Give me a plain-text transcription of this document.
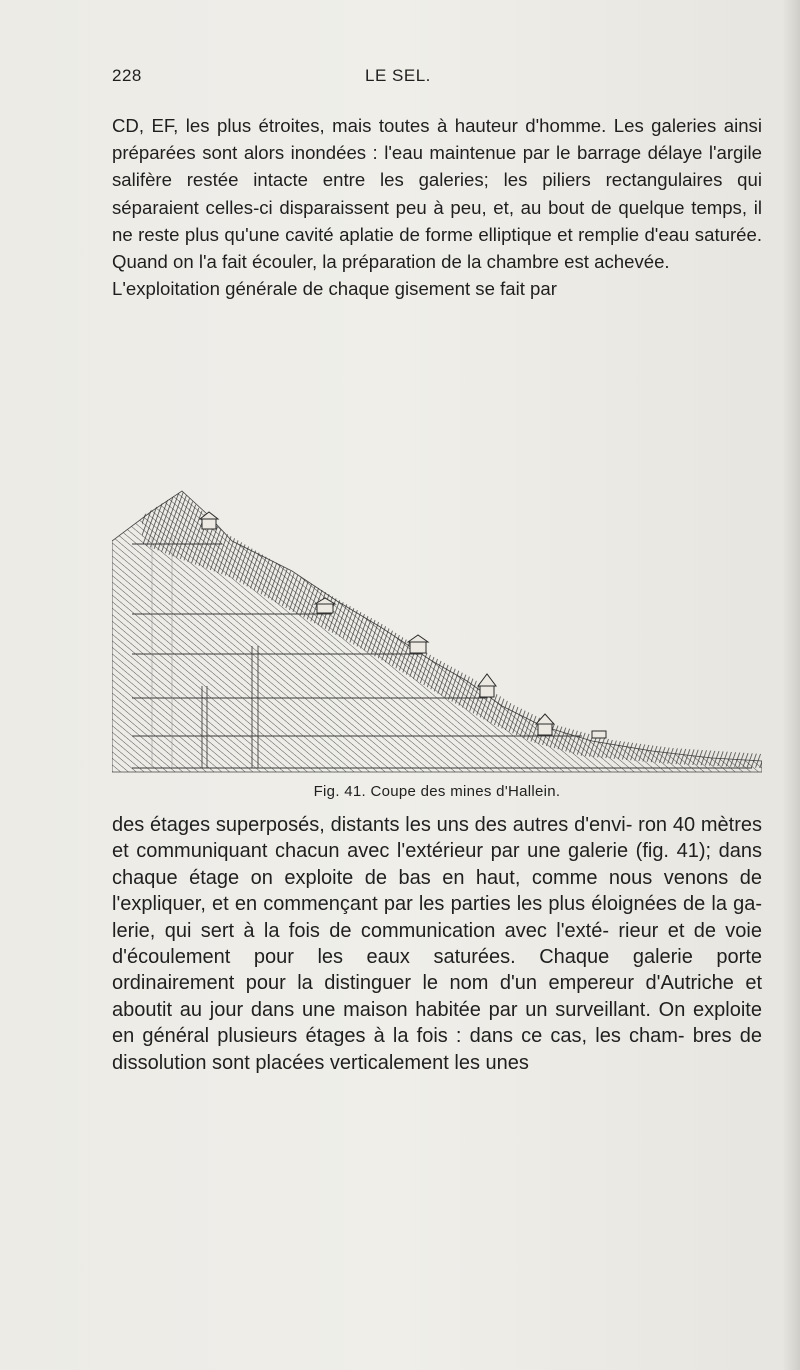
228	LE SEL.

CD, EF, les plus étroites, mais toutes à hauteur d'homme. Les galeries ainsi préparées sont alors inondées : l'eau maintenue par le barrage délaye l'argile salifère restée intacte entre les galeries; les piliers rectangulaires qui séparaient celles-ci disparaissent peu à peu, et, au bout de quelque temps, il ne reste plus qu'une cavité aplatie de forme elliptique et remplie d'eau saturée. Quand on l'a fait écouler, la préparation de la chambre est achevée.

L'exploitation générale de chaque gisement se fait par

Fig. 41. Coupe des mines d'Hallein.

des étages superposés, distants les uns des autres d'envi- ron 40 mètres et communiquant chacun avec l'extérieur par une galerie (fig. 41); dans chaque étage on exploite de bas en haut, comme nous venons de l'expliquer, et en commençant par les parties les plus éloignées de la ga- lerie, qui sert à la fois de communication avec l'exté- rieur et de voie d'écoulement pour les eaux saturées. Chaque galerie porte ordinairement pour la distinguer le nom d'un empereur d'Autriche et aboutit au jour dans une maison habitée par un surveillant. On exploite en général plusieurs étages à la fois : dans ce cas, les cham- bres de dissolution sont placées verticalement les unes
